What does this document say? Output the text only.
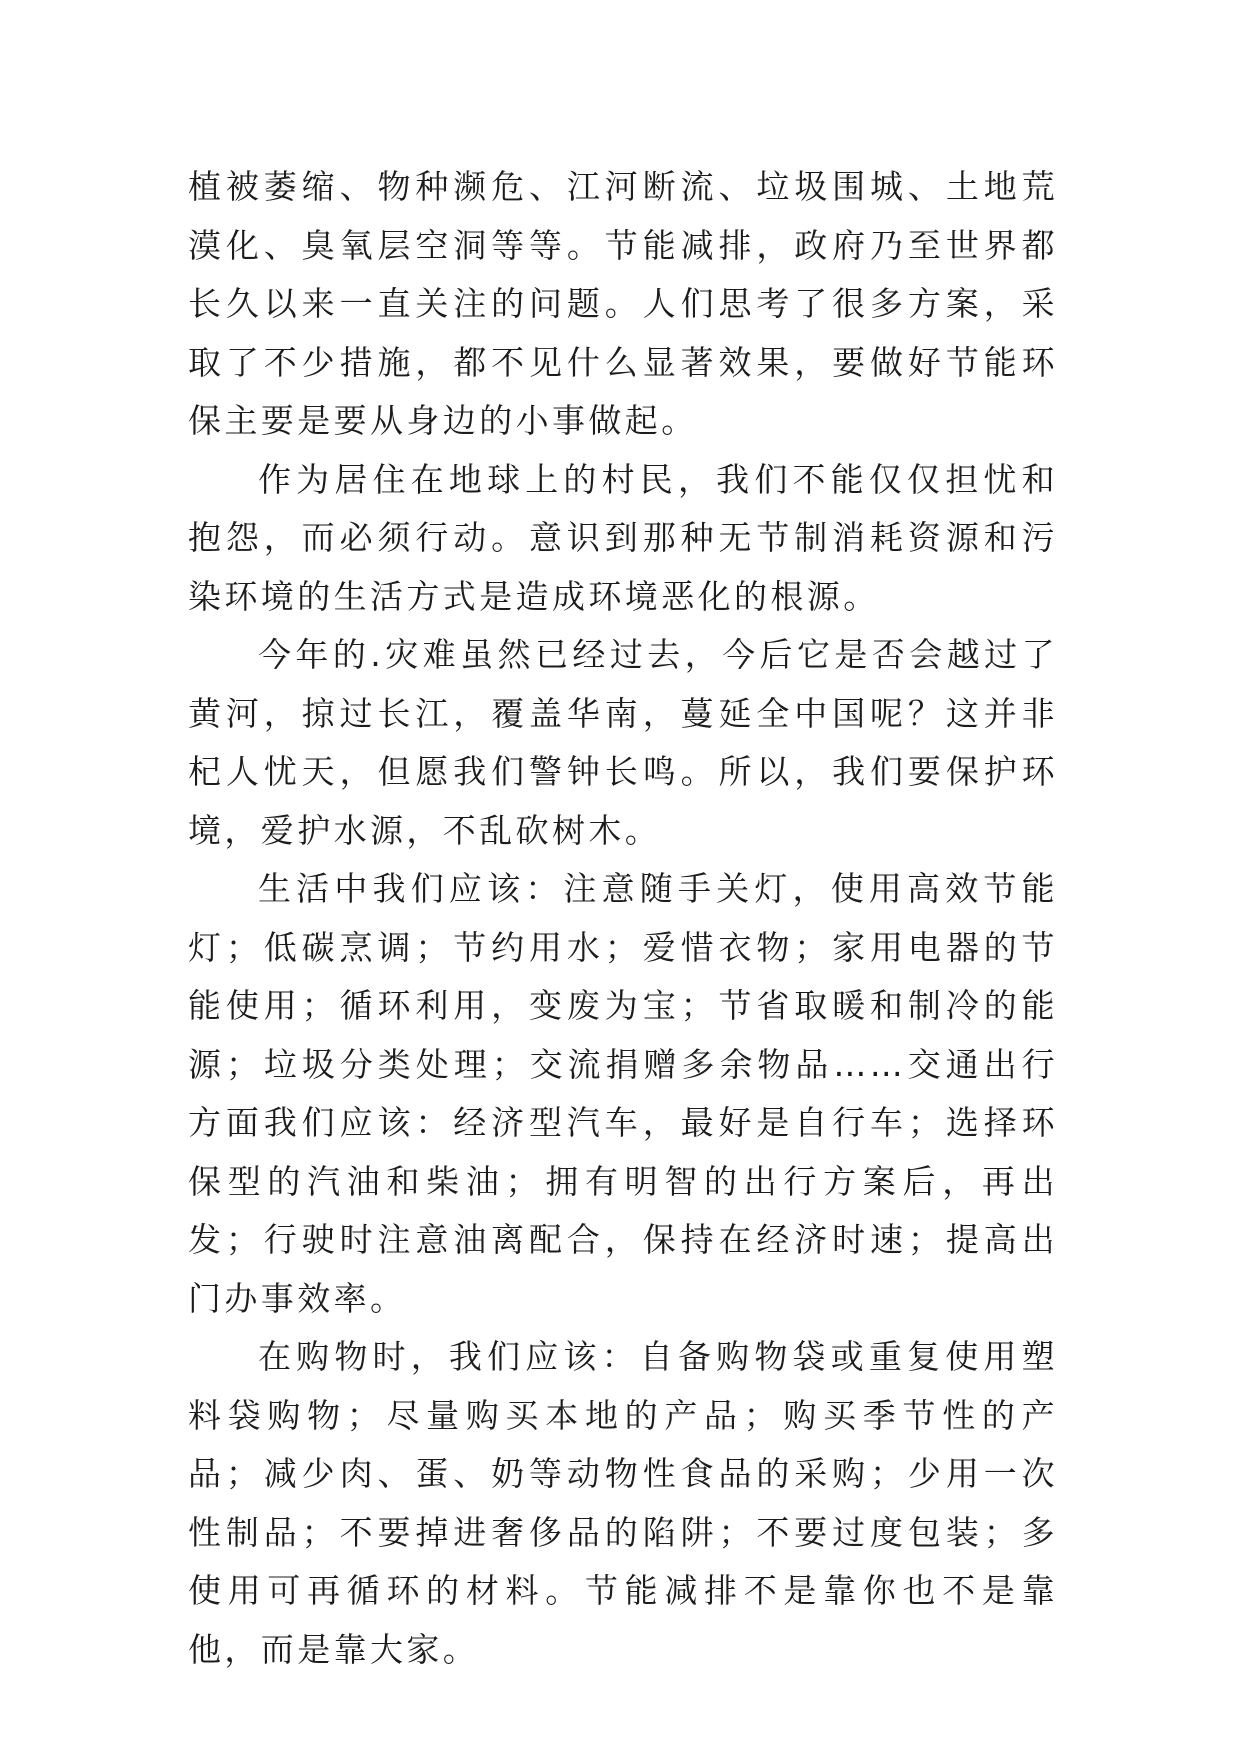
植被萎缩、物种濒危、江河断流、垃圾围城、土地荒漠化、臭氧层空洞等等。节能减排，政府乃至世界都长久以来一直关注的问题。人们思考了很多方案，采取了不少措施，都不见什么显著效果，要做好节能环保主要是要从身边的小事做起。

作为居住在地球上的村民，我们不能仅仅担忧和抱怨，而必须行动。意识到那种无节制消耗资源和污染环境的生活方式是造成环境恶化的根源。

今年的.灾难虽然已经过去，今后它是否会越过了黄河，掠过长江，覆盖华南，蔓延全中国呢？这并非杞人忧天，但愿我们警钟长鸣。所以，我们要保护环境，爱护水源，不乱砍树木。

生活中我们应该：注意随手关灯，使用高效节能灯；低碳烹调；节约用水；爱惜衣物；家用电器的节能使用；循环利用，变废为宝；节省取暖和制冷的能源；垃圾分类处理；交流捐赠多余物品……交通出行方面我们应该：经济型汽车，最好是自行车；选择环保型的汽油和柴油；拥有明智的出行方案后，再出发；行驶时注意油离配合，保持在经济时速；提高出门办事效率。

在购物时，我们应该：自备购物袋或重复使用塑料袋购物；尽量购买本地的产品；购买季节性的产品；减少肉、蛋、奶等动物性食品的采购；少用一次性制品；不要掉进奢侈品的陷阱；不要过度包装；多使用可再循环的材料。节能减排不是靠你也不是靠他，而是靠大家。
